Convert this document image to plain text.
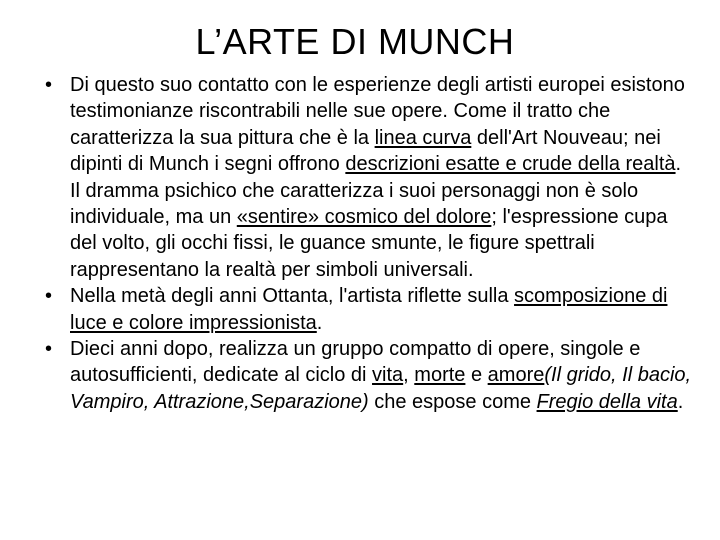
L’ARTE DI MUNCH
• Di questo suo contatto con le esperienze degli artisti europei esistono testimonianze riscontrabili nelle sue opere. Come il tratto che caratterizza la sua pittura che è la linea curva dell'Art Nouveau; nei dipinti di Munch i segni offrono descrizioni esatte e crude della realtà. Il dramma psichico che caratterizza i suoi personaggi non è solo individuale, ma un «sentire» cosmico del dolore; l'espressione cupa del volto, gli occhi fissi, le guance smunte, le figure spettrali rappresentano la realtà per simboli universali.
• Nella metà degli anni Ottanta, l'artista riflette sulla scomposizione di luce e colore impressionista.
• Dieci anni dopo, realizza un gruppo compatto di opere, singole e autosufficienti, dedicate al ciclo di vita, morte e amore(Il grido, Il bacio, Vampiro, Attrazione,Separazione) che espose come Fregio della vita.
